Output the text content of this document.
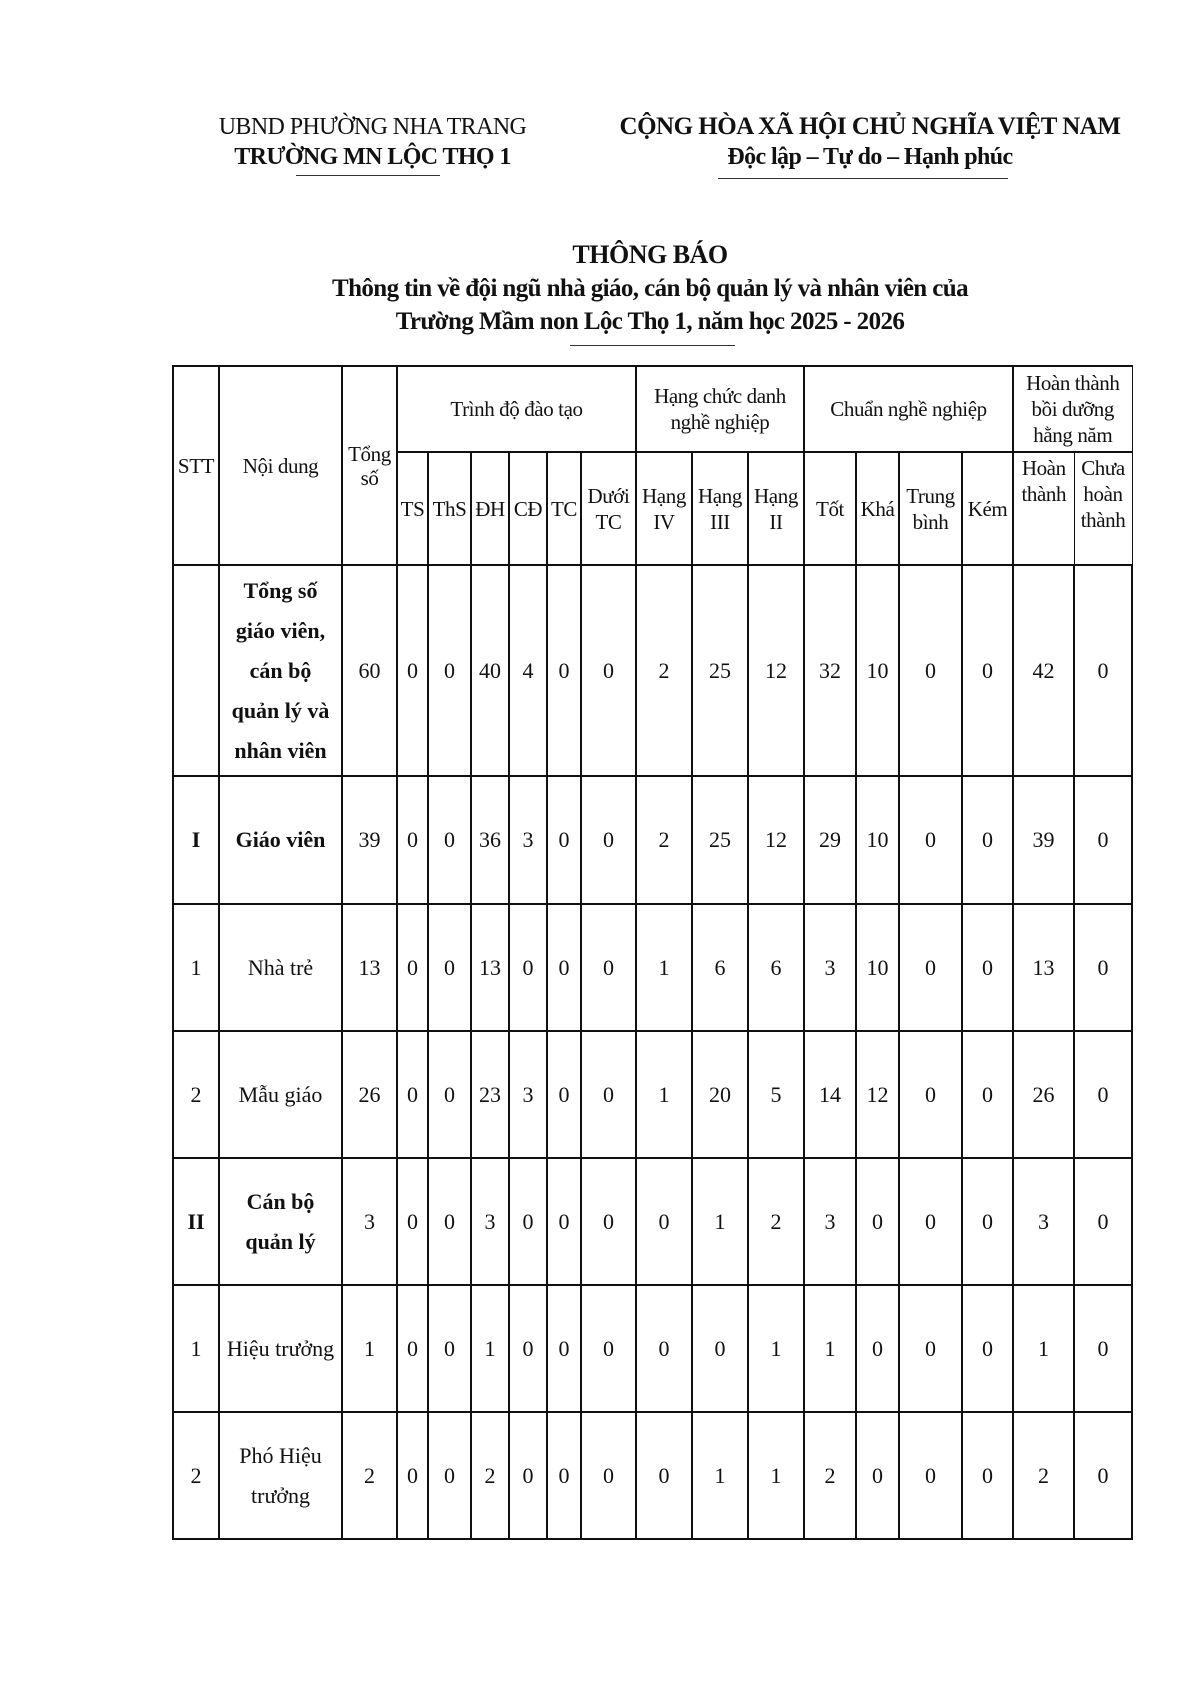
UBND PHƯỜNG NHA TRANG
TRƯỜNG MN LỘC THỌ 1
CỘNG HÒA XÃ HỘI CHỦ NGHĨA VIỆT NAM
Độc lập – Tự do – Hạnh phúc
THÔNG BÁO
Thông tin về đội ngũ nhà giáo, cán bộ quản lý và nhân viên của
Trường Mầm non Lộc Thọ 1, năm học 2025 - 2026
STT	Nội dung	Tổng số	Trình độ đào tạo						Hạng chức danh nghề nghiệp			Chuẩn nghề nghiệp				Hoàn thành bồi dưỡng hằng năm	
			TS	ThS	ĐH	CĐ	TC	Dưới TC	Hạng IV	Hạng III	Hạng II	Tốt	Khá	Trung bình	Kém	Hoàn thành	Chưa hoàn thành
	Tổng số giáo viên, cán bộ quản lý và nhân viên	60	0	0	40	4	0	0	2	25	12	32	10	0	0	42	0
I	Giáo viên	39	0	0	36	3	0	0	2	25	12	29	10	0	0	39	0
1	Nhà trẻ	13	0	0	13	0	0	0	1	6	6	3	10	0	0	13	0
2	Mẫu giáo	26	0	0	23	3	0	0	1	20	5	14	12	0	0	26	0
II	Cán bộ quản lý	3	0	0	3	0	0	0	0	1	2	3	0	0	0	3	0
1	Hiệu trưởng	1	0	0	1	0	0	0	0	0	1	1	0	0	0	1	0
2	Phó Hiệu trưởng	2	0	0	2	0	0	0	0	1	1	2	0	0	0	2	0
